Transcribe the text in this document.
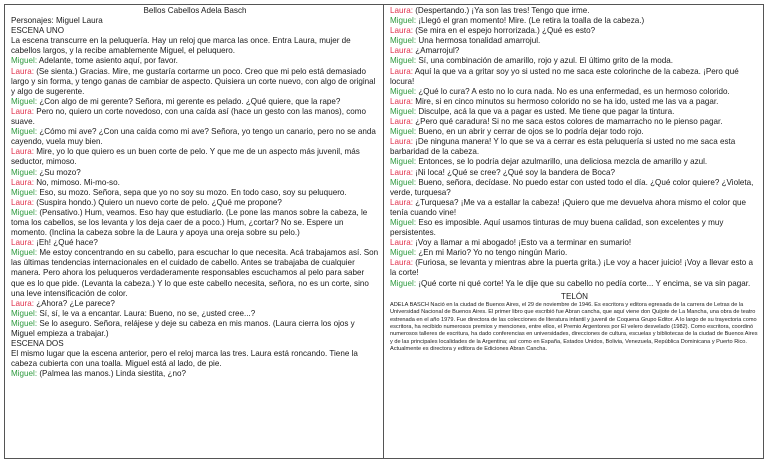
Bellos Cabellos Adela Basch

Personajes: Miguel Laura

ESCENA UNO

La escena transcurre en la peluquería. Hay un reloj que marca las once. Entra Laura, mujer de cabellos largos, y la recibe amablemente Miguel, el peluquero.

Miguel: Adelante, tome asiento aquí, por favor.

Laura: (Se sienta.) Gracias. Mire, me gustaría cortarme un poco. Creo que mi pelo está demasiado largo y sin forma, y tengo ganas de cambiar de aspecto. Quisiera un corte nuevo, con algo de original y algo de sugerente.

Miguel: ¿Con algo de mi gerente? Señora, mi gerente es pelado. ¿Qué quiere, que la rape?

Laura: Pero no, quiero un corte novedoso, con una caída así (hace un gesto con las manos), como suave.

Miguel: ¿Cómo mi ave? ¿Con una caída como mi ave? Señora, yo tengo un canario, pero no se anda cayendo, vuela muy bien.

Laura: Mire, yo lo que quiero es un buen corte de pelo. Y que me de un aspecto más juvenil, más seductor, mimoso.

Miguel: ¿Su mozo?

Laura: No, mimoso. Mi-mo-so.

Miguel: Eso, su mozo. Señora, sepa que yo no soy su mozo. En todo caso, soy su peluquero.

Laura: (Suspira hondo.) Quiero un nuevo corte de pelo. ¿Qué me propone?

Miguel: (Pensativo.) Hum, veamos. Eso hay que estudiarlo. (Le pone las manos sobre la cabeza, le toma los cabellos, se los levanta y los deja caer de a poco.) Hum, ¿cortar? No se. Espere un momento. (Inclina la cabeza sobre la de Laura y apoya una oreja sobre su pelo.)

Laura: ¡Eh! ¿Qué hace?

Miguel: Me estoy concentrando en su cabello, para escuchar lo que necesita. Acá trabajamos así. Son las últimas tendencias internacionales en el cuidado de cabello. Antes se trabajaba de cualquier manera. Pero ahora los peluqueros verdaderamente responsables escuchamos al pelo para saber que es lo que pide. (Levanta la cabeza.) Y lo que este cabello necesita, señora, no es un corte, sino una leve intensificación de color.

Laura: ¿Ahora? ¿Le parece?

Miguel: Sí, sí, le va a encantar. Laura: Bueno, no se, ¿usted cree...?

Miguel: Se lo aseguro. Señora, relájese y deje su cabeza en mis manos. (Laura cierra los ojos y Miguel empieza a trabajar.)

ESCENA DOS

El mismo lugar que la escena anterior, pero el reloj marca las tres. Laura está roncando. Tiene la cabeza cubierta con una toalla. Miguel está al lado, de pie.

Miguel: (Palmea las manos.) Linda siestita, ¿no?

Laura: (Despertando.) ¡Ya son las tres! Tengo que irme.

Miguel: ¡Llegó el gran momento! Mire. (Le retira la toalla de la cabeza.)

Laura: (Se mira en el espejo horrorizada.) ¿Qué es esto?

Miguel: Una hermosa tonalidad amarrojul.

Laura: ¿Amarrojul?

Miguel: Sí, una combinación de amarillo, rojo y azul. El último grito de la moda.

Laura: Aquí la que va a gritar soy yo si usted no me saca este colorinche de la cabeza. ¡Pero qué locura!

Miguel: ¿Qué lo cura? A esto no lo cura nada. No es una enfermedad, es un hermoso colorido.

Laura: Mire, si en cinco minutos su hermoso colorido no se ha ido, usted me las va a pagar.

Miguel: Disculpe, acá la que va a pagar es usted. Me tiene que pagar la tintura.

Laura: ¿Pero qué caradura! Si no me saca estos colores de mamarracho no le pienso pagar.

Miguel: Bueno, en un abrir y cerrar de ojos se lo podría dejar todo rojo.

Laura: ¡De ninguna manera! Y lo que se va a cerrar es esta peluquería si usted no me saca esta barbaridad de la cabeza.

Miguel: Entonces, se lo podría dejar azulmarillo, una deliciosa mezcla de amarillo y azul.

Laura: ¡Ni loca! ¿Qué se cree? ¿Qué soy la bandera de Boca?

Miguel: Bueno, señora, decídase. No puedo estar con usted todo el día. ¿Qué color quiere? ¿Violeta, verde, turquesa?

Laura: ¿Turquesa? ¡Me va a estallar la cabeza! ¡Quiero que me devuelva ahora mismo el color que tenía cuando vine!

Miguel: Eso es imposible. Aquí usamos tinturas de muy buena calidad, son excelentes y muy persistentes.

Laura: ¡Voy a llamar a mi abogado! ¡Esto va a terminar en sumario!

Miguel: ¿En mi Mario? Yo no tengo ningún Mario.

Laura: (Furiosa, se levanta y mientras abre la puerta grita.) ¡Le voy a hacer juicio! ¡Voy a llevar esto a la corte!

Miguel: ¡Qué corte ni qué corte! Ya le dije que su cabello no pedía corte... Y encima, se va sin pagar.

TELÓN

ADELA BASCH Nació en la ciudad de Buenos Aires, el 29 de noviembre de 1946. Es escritora y editora egresada de la carrera de Letras de la Universidad Nacional de Buenos Aires. El primer libro que escribió fue Abran cancha, que aquí viene don Quijote de La Mancha, una obra de teatro estrenada en el año 1979. Fue directora de las colecciones de literatura infantil y juvenil de Coquena Grupo Editor. A lo largo de su trayectoria como escritora, ha recibido numerosos premios y menciones, entre ellos, el Premio Argentores por El velero desvelado (1982). Como escritora, coordinó numerosos talleres de escritura, ha dado conferencias en universidades, direcciones de cultura, escuelas y bibliotecas de la ciudad de Buenos Aires y de las principales localidades de la Argentina; así como en España, Estados Unidos, Bolivia, Venezuela, República Dominicana y Puerto Rico. Actualmente es directora y editora de Ediciones Abran Cancha.
